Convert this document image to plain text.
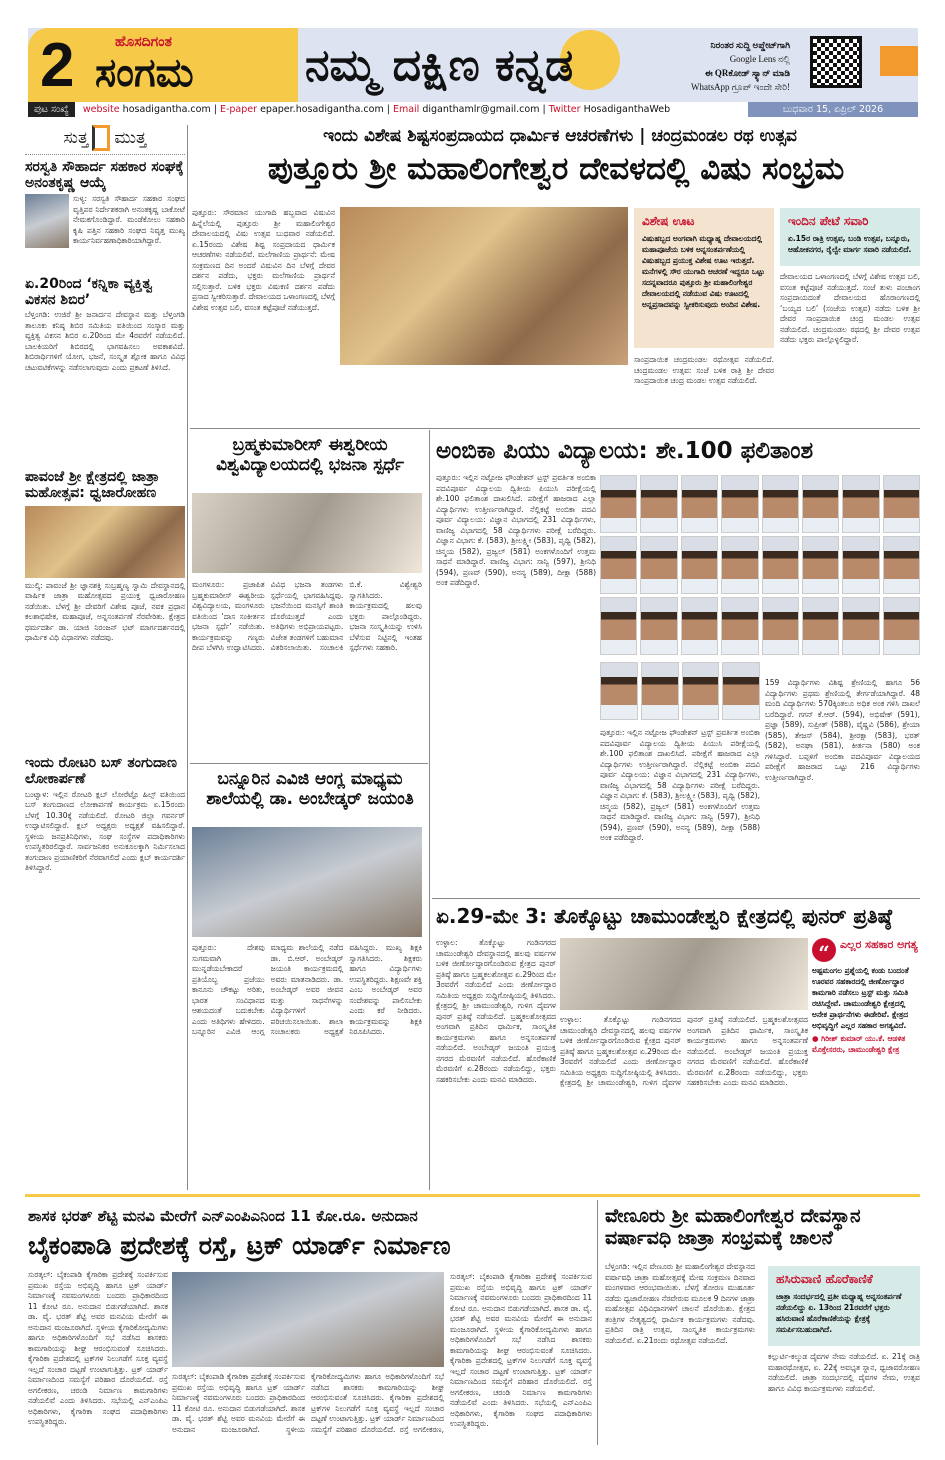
2	ಹೊಸದಿಗಂತ
ಸಂಗಮ	ನಮ್ಮ ದಕ್ಷಿಣ ಕನ್ನಡ	ನಿರಂತರ ಸುದ್ದಿ ಅಪ್ಡೇಟ್‌ಗಾಗಿ
Google Lens ನಲ್ಲಿ
ಈ QRಕೋಡ್ ಸ್ಕ್ಯಾನ್ ಮಾಡಿ
WhatsApp ಗ್ರೂಪ್ ಇಂದೇ ಸೇರಿ!
ಪುಟ ಸಂಖ್ಯೆ	website hosadigantha.com | E-paper epaper.hosadigantha.com | Email diganthamlr@gmail.com | Twitter HosadiganthaWeb	ಬುಧವಾರ 15, ಏಪ್ರಿಲ್ 2026
ಸುತ್ತ ಮುತ್ತ
ಸರಸ್ವತಿ ಸೌಹಾರ್ದ ಸಹಕಾರ ಸಂಘಕ್ಕೆ ಅನಂತಕೃಷ್ಣ ಆಯ್ಕೆ
ಸುಳ್ಯ: ಸರಸ್ವತಿ ಸೌಹಾರ್ದ ಸಹಕಾರ ಸಂಘದ ವೃತ್ತಿಪರ ನಿರ್ದೇಶಕರಾಗಿ ಅನಂತಕೃಷ್ಣ ಬಾಕೋಟೆ ನೇಮಕಗೊಂಡಿದ್ದಾರೆ. ಮಂಡೆಕೋಲು ಸಹಕಾರಿ ಕೃಷಿ ಪತ್ತಿನ ಸಹಕಾರಿ ಸಂಘದ ನಿವೃತ್ತ ಮುಖ್ಯ ಕಾರ್ಯನಿರ್ವಹಣಾಧಿಕಾರಿಯಾಗಿದ್ದಾರೆ.
ಏ.20ರಿಂದ ‘ಕನ್ನಿಕಾ ವ್ಯಕ್ತಿತ್ವ ವಿಕಸನ ಶಿಬಿರ’
ಬೆಳ್ತಂಗಡಿ: ಉಜಿರೆ ಶ್ರೀ ಜನಾರ್ದನ ದೇವಸ್ಥಾನ ಮತ್ತು ಬೆಳ್ತಂಗಡಿ ತಾಲೂಕು ಕನಿಷ್ಠ ಶಿಬಿರ ಸಮಿತಿಯ ವತಿಯಿಂದ ಸಂಸ್ಕಾರ ಮತ್ತು ವ್ಯಕ್ತಿತ್ವ ವಿಕಸನ ಶಿಬಿರ ಏ.20ರಿಂದ ಮೇ 4ರವರೆಗೆ ನಡೆಯಲಿದೆ. ಬಾಲಕಿಯರಿಗೆ ಶಿಬಿರದಲ್ಲಿ ಭಾಗವಹಿಸಲು ಅವಕಾಶವಿದೆ. ಶಿಬಿರಾರ್ಥಿಗಳಿಗೆ ಯೋಗ, ಭಜನೆ, ಸಂಸ್ಕೃತ ಶ್ಲೋಕ ಹಾಗೂ ವಿವಿಧ ಚಟುವಟಿಕೆಗಳನ್ನು ನಡೆಸಲಾಗುವುದು ಎಂದು ಪ್ರಕಟಣೆ ತಿಳಿಸಿದೆ.
ಪಾವಂಜೆ ಶ್ರೀ ಕ್ಷೇತ್ರದಲ್ಲಿ ಜಾತ್ರಾ ಮಹೋತ್ಸವ: ಧ್ವಜಾರೋಹಣ
ಮುಲ್ಕಿ: ಪಾವಂಜೆ ಶ್ರೀ ಜ್ಞಾನಶಕ್ತಿ ಸುಬ್ರಹ್ಮಣ್ಯ ಸ್ವಾಮಿ ದೇವಸ್ಥಾನದಲ್ಲಿ ವಾರ್ಷಿಕ ಜಾತ್ರಾ ಮಹೋತ್ಸವದ ಪ್ರಯುಕ್ತ ಧ್ವಜಾರೋಹಣ ನಡೆಯಿತು. ಬೆಳಗ್ಗೆ ಶ್ರೀ ದೇವರಿಗೆ ವಿಶೇಷ ಪೂಜೆ, ನವಕ ಪ್ರಧಾನ ಕಲಶಾಭಿಷೇಕ, ಮಹಾಪೂಜೆ, ಅನ್ನಸಂತರ್ಪಣೆ ನೆರವೇರಿತು. ಕ್ಷೇತ್ರದ ಧರ್ಮದರ್ಶಿ ಡಾ. ಯಾಜಿ ನಿರಂಜನ್ ಭಟ್ ಮಾರ್ಗದರ್ಶನದಲ್ಲಿ ಧಾರ್ಮಿಕ ವಿಧಿ ವಿಧಾನಗಳು ನಡೆದವು.
ಇಂದು ರೋಟರಿ ಬಸ್ ತಂಗುದಾಣ ಲೋಕಾರ್ಪಣೆ
ಬಂಟ್ವಾಳ: ಇಲ್ಲಿನ ರೋಟರಿ ಕ್ಲಬ್ ಲೋರೆಟ್ಟೊ ಹಿಲ್ಸ್ ವತಿಯಿಂದ ಬಸ್ ತಂಗುದಾಣದ ಲೋಕಾರ್ಪಣೆ ಕಾರ್ಯಕ್ರಮ ಏ.15ರಂದು ಬೆಳಗ್ಗೆ 10.30ಕ್ಕೆ ನಡೆಯಲಿದೆ. ರೋಟರಿ ಜಿಲ್ಲಾ ಗವರ್ನರ್ ಉದ್ಘಾಟಿಸಲಿದ್ದಾರೆ. ಕ್ಲಬ್ ಅಧ್ಯಕ್ಷರು ಅಧ್ಯಕ್ಷತೆ ವಹಿಸಲಿದ್ದಾರೆ. ಸ್ಥಳೀಯ ಜನಪ್ರತಿನಿಧಿಗಳು, ಸಂಘ ಸಂಸ್ಥೆಗಳ ಪದಾಧಿಕಾರಿಗಳು ಉಪಸ್ಥಿತರಿರಲಿದ್ದಾರೆ. ಸಾರ್ವಜನಿಕರ ಅನುಕೂಲಕ್ಕಾಗಿ ನಿರ್ಮಿಸಲಾದ ತಂಗುದಾಣ ಪ್ರಯಾಣಿಕರಿಗೆ ನೆರವಾಗಲಿದೆ ಎಂದು ಕ್ಲಬ್ ಕಾರ್ಯದರ್ಶಿ ತಿಳಿಸಿದ್ದಾರೆ.
ಇಂದು ವಿಶೇಷ ಶಿಷ್ಟಸಂಪ್ರದಾಯದ ಧಾರ್ಮಿಕ ಆಚರಣೆಗಳು | ಚಂದ್ರಮಂಡಲ ರಥ ಉತ್ಸವ
ಪುತ್ತೂರು ಶ್ರೀ ಮಹಾಲಿಂಗೇಶ್ವರ ದೇವಳದಲ್ಲಿ ವಿಷು ಸಂಭ್ರಮ
ಪುತ್ತೂರು: ಸೌರಮಾನ ಯುಗಾದಿ ಹಬ್ಬವಾದ ವಿಷುವಿನ ಹಿನ್ನೆಲೆಯಲ್ಲಿ ಪುತ್ತೂರು ಶ್ರೀ ಮಹಾಲಿಂಗೇಶ್ವರ ದೇವಾಲಯದಲ್ಲಿ ವಿಷು ಉತ್ಸವ ಬುಧವಾರ ನಡೆಯಲಿದೆ. ಏ.15ರಂದು ವಿಶೇಷ ಶಿಷ್ಟ ಸಂಪ್ರದಾಯದ ಧಾರ್ಮಿಕ ಆಚರಣೆಗಳು ನಡೆಯಲಿವೆ. ಮಲೆಗಾಣಿಯ ಪ್ರಾರ್ಥನೆ: ಮೇಷ ಸಂಕ್ರಮಣದ ದಿನ ಅಂದರೆ ವಿಷುವಿನ ದಿನ ಬೆಳಗ್ಗೆ ದೇವರ ದರ್ಶನ ಪಡೆದು, ಭಕ್ತರು ಮಲೆಗಾಣಿಯ ಪ್ರಾರ್ಥನೆ ಸಲ್ಲಿಸುತ್ತಾರೆ. ಬಳಿಕ ಭಕ್ತರು ವಿಷುಕಣಿ ದರ್ಶನ ಪಡೆದು ಪ್ರಸಾದ ಸ್ವೀಕರಿಸುತ್ತಾರೆ. ದೇವಾಲಯದ ಒಳಾಂಗಣದಲ್ಲಿ ಬೆಳಗ್ಗೆ ವಿಶೇಷ ಉತ್ಸವ ಬಲಿ, ವಸಂತ ಕಟ್ಟೆಪೂಜೆ ನಡೆಯುತ್ತದೆ.
ಸಾಂಪ್ರದಾಯಿಕ ಚಂದ್ರಮಂಡಲ ರಥೋತ್ಸವ ನಡೆಯಲಿದೆ. ಚಂದ್ರಮಂಡಲ ಉತ್ಸವ: ಸಂಜೆ ಬಳಿಕ ರಾತ್ರಿ ಶ್ರೀ ದೇವರ ಸಾಂಪ್ರದಾಯಿಕ ಚಂದ್ರ ಮಂಡಲ ಉತ್ಸವ ನಡೆಯಲಿದೆ.
ವಿಶೇಷ ಊಟ

ವಿಷುಹಬ್ಬದ ಅಂಗವಾಗಿ ಮಧ್ಯಾಹ್ನ ದೇವಾಲಯದಲ್ಲಿ ಮಹಾಪೂಜೆಯ ಬಳಿಕ ಅನ್ನಸಂತರ್ಪಣೆಯಲ್ಲಿ ವಿಷುಹಬ್ಬದ ಪ್ರಯುಕ್ತ ವಿಶೇಷ ಊಟ ಇರುತ್ತದೆ. ಮನೆಗಳಲ್ಲಿ ಸೌರ ಯುಗಾದಿ ಆಚರಣೆ ಇದ್ದರೂ ಒಟ್ಟು ಸದನ್ನವಾದರೂ ಪುತ್ತೂರು ಶ್ರೀ ಮಹಾಲಿಂಗೇಶ್ವರ ದೇವಾಲಯದಲ್ಲಿ ನಡೆಯುವ ವಿಷು ಊಟದಲ್ಲಿ ಅನ್ನಪ್ರಸಾದವನ್ನು ಸ್ವೀಕರಿಸುವುದು ಅಂದಿನ ವಿಶೇಷ.

ಇಂದಿನ ಪೇಟೆ ಸವಾರಿ

ಏ.15ರ ರಾತ್ರಿ ಉತ್ಸವ, ಬಂಡಿ ಉತ್ಸವ, ಬನ್ನೂರು, ಆಹೋಕನಗರ, ರೈಲ್ವೇ ಮಾರ್ಗ ಸವಾರಿ ನಡೆಯಲಿದೆ.

ದೇವಾಲಯದ ಒಳಾಂಗಣದಲ್ಲಿ ಬೆಳಗ್ಗೆ ವಿಶೇಷ ಉತ್ಸವ ಬಲಿ, ವಸಂತ ಕಟ್ಟೆಪೂಜೆ ನಡೆಯುತ್ತದೆ. ಸಂಜೆ ತುಳು ಪಂಚಾಂಗ ಸಂಪ್ರದಾಯದಂತೆ ದೇವಾಲಯದ ಹೊರಾಂಗಣದಲ್ಲಿ ‘ಬಯ್ಯದ ಬಲಿ’ (ಸಂಜೆಯ ಉತ್ಸವ) ನಡೆದು ಬಳಿಕ ಶ್ರೀ ದೇವರ ಸಾಂಪ್ರದಾಯಿಕ ಚಂದ್ರ ಮಂಡಲ ಉತ್ಸವ ನಡೆಯಲಿದೆ. ಚಂದ್ರಮಂಡಲ ರಥದಲ್ಲಿ ಶ್ರೀ ದೇವರ ಉತ್ಸವ ನಡೆದು ಭಕ್ತರು ಪಾಲ್ಗೊಳ್ಳಲಿದ್ದಾರೆ.
ಬ್ರಹ್ಮಕುಮಾರೀಸ್ ಈಶ್ವರೀಯ ವಿಶ್ವವಿದ್ಯಾಲಯದಲ್ಲಿ ಭಜನಾ ಸ್ಪರ್ಧೆ
ಮಂಗಳೂರು: ಪ್ರಜಾಪಿತ ಬ್ರಹ್ಮಕುಮಾರೀಸ್ ಈಶ್ವರೀಯ ವಿಶ್ವವಿದ್ಯಾಲಯ, ಮಂಗಳೂರು ವತಿಯಿಂದ ‘ದಾಸ ಸಂಕೀರ್ತನ ಭಜನಾ ಸ್ಪರ್ಧೆ’ ನಡೆಯಿತು. ಕಾರ್ಯಕ್ರಮವನ್ನು ಗಣ್ಯರು ದೀಪ ಬೆಳಗಿಸಿ ಉದ್ಘಾಟಿಸಿದರು. ವಿವಿಧ ಭಜನಾ ತಂಡಗಳು ಸ್ಪರ್ಧೆಯಲ್ಲಿ ಭಾಗವಹಿಸಿದ್ದವು. ಭಜನೆಯಿಂದ ಮನಸ್ಸಿಗೆ ಶಾಂತಿ ದೊರೆಯುತ್ತದೆ ಎಂದು ಅತಿಥಿಗಳು ಅಭಿಪ್ರಾಯಪಟ್ಟರು. ವಿಜೇತ ತಂಡಗಳಿಗೆ ಬಹುಮಾನ ವಿತರಿಸಲಾಯಿತು. ಸಂಚಾಲಕಿ ಬಿ.ಕೆ. ವಿಶ್ವೇಶ್ವರಿ ಸ್ವಾಗತಿಸಿದರು. ಕಾರ್ಯಕ್ರಮದಲ್ಲಿ ಹಲವು ಭಕ್ತರು ಪಾಲ್ಗೊಂಡಿದ್ದರು. ಭಜನಾ ಸಂಸ್ಕೃತಿಯನ್ನು ಉಳಿಸಿ ಬೆಳೆಸುವ ನಿಟ್ಟಿನಲ್ಲಿ ಇಂತಹ ಸ್ಪರ್ಧೆಗಳು ಸಹಕಾರಿ.
ಅಂಬಿಕಾ ಪಿಯು ವಿದ್ಯಾಲಯ: ಶೇ.100 ಫಲಿತಾಂಶ
ಪುತ್ತೂರು: ಇಲ್ಲಿನ ನಟ್ಟೋಜ ಫೌಂಡೇಶನ್ ಟ್ರಸ್ಟ್ ಪ್ರವರ್ತಿತ ಅಂಬಿಕಾ ಪದವಿಪೂರ್ವ ವಿದ್ಯಾಲಯ ದ್ವಿತೀಯ ಪಿಯುಸಿ ಪರೀಕ್ಷೆಯಲ್ಲಿ ಶೇ.100 ಫಲಿತಾಂಶ ದಾಖಲಿಸಿದೆ. ಪರೀಕ್ಷೆಗೆ ಹಾಜರಾದ ಎಲ್ಲಾ ವಿದ್ಯಾರ್ಥಿಗಳು ಉತ್ತೀರ್ಣರಾಗಿದ್ದಾರೆ. ನೆಲ್ಲಿಕಟ್ಟೆ ಅಂಬಿಕಾ ಪದವಿ ಪೂರ್ವ ವಿದ್ಯಾಲಯ: ವಿಜ್ಞಾನ ವಿಭಾಗದಲ್ಲಿ 231 ವಿದ್ಯಾರ್ಥಿಗಳು, ವಾಣಿಜ್ಯ ವಿಭಾಗದಲ್ಲಿ 58 ವಿದ್ಯಾರ್ಥಿಗಳು ಪರೀಕ್ಷೆ ಬರೆದಿದ್ದರು. ವಿಜ್ಞಾನ ವಿಭಾಗ: ಕೆ. (583), ಶ್ರೀಲಕ್ಷ್ಮೀ (583), ಪೃಥ್ವಿ (582), ಚಿನ್ಮಯ (582), ಪ್ರಜ್ವಲ್ (581) ಅಂಕಗಳೊಂದಿಗೆ ಉತ್ತಮ ಸಾಧನೆ ಮಾಡಿದ್ದಾರೆ. ವಾಣಿಜ್ಯ ವಿಭಾಗ: ಸಾನ್ವಿ (597), ಶ್ರೀನಿಧಿ (594), ಪ್ರಣವ್ (590), ಅನನ್ಯ (589), ದೀಕ್ಷಾ (588) ಅಂಕ ಪಡೆದಿದ್ದಾರೆ.
159 ವಿದ್ಯಾರ್ಥಿಗಳು ವಿಶಿಷ್ಟ ಶ್ರೇಣಿಯಲ್ಲಿ ಹಾಗೂ 56 ವಿದ್ಯಾರ್ಥಿಗಳು ಪ್ರಥಮ ಶ್ರೇಣಿಯಲ್ಲಿ ತೇರ್ಗಡೆಯಾಗಿದ್ದಾರೆ. 48 ಮಂದಿ ವಿದ್ಯಾರ್ಥಿಗಳು 570ಕ್ಕಿಂತಲೂ ಅಧಿಕ ಅಂಕ ಗಳಿಸಿ ದಾಖಲೆ ಬರೆದಿದ್ದಾರೆ. ಗಗನ್ ಕೆ.ಆರ್. (594), ಅಭಿಷೇಕ್ (591), ಪ್ರಜ್ಞಾ (589), ಸುಪ್ರೀತ್ (588), ವೈಷ್ಣವಿ (586), ಶ್ರೇಯಾ (585), ತೇಜಸ್ (584), ಶ್ರೀರಕ್ಷಾ (583), ಭರತ್ (582), ಅನಘಾ (581), ಕೀರ್ತನಾ (580) ಅಂಕ ಗಳಿಸಿದ್ದಾರೆ. ಬಪ್ಪಳಿಗೆ ಅಂಬಿಕಾ ಪದವಿಪೂರ್ವ ವಿದ್ಯಾಲಯದ ಪರೀಕ್ಷೆಗೆ ಹಾಜರಾದ ಒಟ್ಟು 216 ವಿದ್ಯಾರ್ಥಿಗಳು ಉತ್ತೀರ್ಣರಾಗಿದ್ದಾರೆ.
ಪುತ್ತೂರು: ಇಲ್ಲಿನ ನಟ್ಟೋಜ ಫೌಂಡೇಶನ್ ಟ್ರಸ್ಟ್ ಪ್ರವರ್ತಿತ ಅಂಬಿಕಾ ಪದವಿಪೂರ್ವ ವಿದ್ಯಾಲಯ ದ್ವಿತೀಯ ಪಿಯುಸಿ ಪರೀಕ್ಷೆಯಲ್ಲಿ ಶೇ.100 ಫಲಿತಾಂಶ ದಾಖಲಿಸಿದೆ. ಪರೀಕ್ಷೆಗೆ ಹಾಜರಾದ ಎಲ್ಲಾ ವಿದ್ಯಾರ್ಥಿಗಳು ಉತ್ತೀರ್ಣರಾಗಿದ್ದಾರೆ. ನೆಲ್ಲಿಕಟ್ಟೆ ಅಂಬಿಕಾ ಪದವಿ ಪೂರ್ವ ವಿದ್ಯಾಲಯ: ವಿಜ್ಞಾನ ವಿಭಾಗದಲ್ಲಿ 231 ವಿದ್ಯಾರ್ಥಿಗಳು, ವಾಣಿಜ್ಯ ವಿಭಾಗದಲ್ಲಿ 58 ವಿದ್ಯಾರ್ಥಿಗಳು ಪರೀಕ್ಷೆ ಬರೆದಿದ್ದರು. ವಿಜ್ಞಾನ ವಿಭಾಗ: ಕೆ. (583), ಶ್ರೀಲಕ್ಷ್ಮೀ (583), ಪೃಥ್ವಿ (582), ಚಿನ್ಮಯ (582), ಪ್ರಜ್ವಲ್ (581) ಅಂಕಗಳೊಂದಿಗೆ ಉತ್ತಮ ಸಾಧನೆ ಮಾಡಿದ್ದಾರೆ. ವಾಣಿಜ್ಯ ವಿಭಾಗ: ಸಾನ್ವಿ (597), ಶ್ರೀನಿಧಿ (594), ಪ್ರಣವ್ (590), ಅನನ್ಯ (589), ದೀಕ್ಷಾ (588) ಅಂಕ ಪಡೆದಿದ್ದಾರೆ.
ಬನ್ನೂರಿನ ಎವಿಜಿ ಆಂಗ್ಲ ಮಾಧ್ಯಮ ಶಾಲೆಯಲ್ಲಿ ಡಾ. ಅಂಬೇಡ್ಕರ್ ಜಯಂತಿ
ಪುತ್ತೂರು: ದೇಶವು ಸುಗಮವಾಗಿ ಮುನ್ನಡೆಯಬೇಕಾದರೆ ಪ್ರತಿಯೊಬ್ಬ ಪ್ರಜೆಯು ಕಾನೂನು ಚೌಕಟ್ಟು ಅರಿತು, ಭಾರತ ಸಂವಿಧಾನದ ಆಶಯದಂತೆ ಬದುಕಬೇಕು ಎಂದು ಅತಿಥಿಗಳು ಹೇಳಿದರು. ಬನ್ನೂರಿನ ಎವಿಜಿ ಆಂಗ್ಲ ಮಾಧ್ಯಮ ಶಾಲೆಯಲ್ಲಿ ನಡೆದ ಡಾ. ಬಿ.ಆರ್. ಅಂಬೇಡ್ಕರ್ ಜಯಂತಿ ಕಾರ್ಯಕ್ರಮದಲ್ಲಿ ಅವರು ಮಾತನಾಡಿದರು. ಡಾ. ಅಂಬೇಡ್ಕರ್ ಅವರ ಜೀವನ ಮತ್ತು ಸಾಧನೆಗಳನ್ನು ವಿದ್ಯಾರ್ಥಿಗಳಿಗೆ ಪರಿಚಯಿಸಲಾಯಿತು. ಶಾಲಾ ಸಂಚಾಲಕರು ಅಧ್ಯಕ್ಷತೆ ವಹಿಸಿದ್ದರು. ಮುಖ್ಯ ಶಿಕ್ಷಕಿ ಸ್ವಾಗತಿಸಿದರು. ಶಿಕ್ಷಕರು ಹಾಗೂ ವಿದ್ಯಾರ್ಥಿಗಳು ಉಪಸ್ಥಿತರಿದ್ದರು. ಶಿಕ್ಷಣವೇ ಶಕ್ತಿ ಎಂಬ ಅಂಬೇಡ್ಕರ್ ಅವರ ಸಂದೇಶವನ್ನು ಪಾಲಿಸಬೇಕು ಎಂದು ಕರೆ ನೀಡಿದರು. ಕಾರ್ಯಕ್ರಮವನ್ನು ಶಿಕ್ಷಕಿ ನಿರೂಪಿಸಿದರು.
ಏ.29-ಮೇ 3: ತೊಕ್ಕೊಟ್ಟು ಚಾಮುಂಡೇಶ್ವರಿ ಕ್ಷೇತ್ರದಲ್ಲಿ ಪುನರ್ ಪ್ರತಿಷ್ಠೆ
ಉಳ್ಳಾಲ: ತೊಕ್ಕೊಟ್ಟು ಗಂಡಿನಗರದ ಚಾಮುಂಡೇಶ್ವರಿ ದೇವಸ್ಥಾನದಲ್ಲಿ ಹಲವು ವರ್ಷಗಳ ಬಳಿಕ ಜೀರ್ಣೋದ್ಧಾರಗೊಂಡಿರುವ ಕ್ಷೇತ್ರದ ಪುನರ್ ಪ್ರತಿಷ್ಠೆ ಹಾಗೂ ಬ್ರಹ್ಮಕಲಶೋತ್ಸವ ಏ.29ರಿಂದ ಮೇ 3ರವರೆಗೆ ನಡೆಯಲಿದೆ ಎಂದು ಜೀರ್ಣೋದ್ಧಾರ ಸಮಿತಿಯ ಅಧ್ಯಕ್ಷರು ಸುದ್ದಿಗೋಷ್ಠಿಯಲ್ಲಿ ತಿಳಿಸಿದರು. ಕ್ಷೇತ್ರದಲ್ಲಿ ಶ್ರೀ ಚಾಮುಂಡೇಶ್ವರಿ, ಗುಳಿಗ ದೈವಗಳ ಪುನರ್ ಪ್ರತಿಷ್ಠೆ ನಡೆಯಲಿದೆ. ಬ್ರಹ್ಮಕಲಶೋತ್ಸವದ ಅಂಗವಾಗಿ ಪ್ರತಿದಿನ ಧಾರ್ಮಿಕ, ಸಾಂಸ್ಕೃತಿಕ ಕಾರ್ಯಕ್ರಮಗಳು ಹಾಗೂ ಅನ್ನಸಂತರ್ಪಣೆ ನಡೆಯಲಿದೆ. ಅಂಬೇಡ್ಕರ್ ಜಯಂತಿ ಪ್ರಯುಕ್ತ ನಗರದ ಮೆರವಣಿಗೆ ನಡೆಯಲಿದೆ. ಹೊರೆಕಾಣಿಕೆ ಮೆರವಣಿಗೆ ಏ.28ರಂದು ನಡೆಯಲಿದ್ದು, ಭಕ್ತರು ಸಹಕರಿಸಬೇಕು ಎಂದು ಮನವಿ ಮಾಡಿದರು.
ಉಳ್ಳಾಲ: ತೊಕ್ಕೊಟ್ಟು ಗಂಡಿನಗರದ ಚಾಮುಂಡೇಶ್ವರಿ ದೇವಸ್ಥಾನದಲ್ಲಿ ಹಲವು ವರ್ಷಗಳ ಬಳಿಕ ಜೀರ್ಣೋದ್ಧಾರಗೊಂಡಿರುವ ಕ್ಷೇತ್ರದ ಪುನರ್ ಪ್ರತಿಷ್ಠೆ ಹಾಗೂ ಬ್ರಹ್ಮಕಲಶೋತ್ಸವ ಏ.29ರಿಂದ ಮೇ 3ರವರೆಗೆ ನಡೆಯಲಿದೆ ಎಂದು ಜೀರ್ಣೋದ್ಧಾರ ಸಮಿತಿಯ ಅಧ್ಯಕ್ಷರು ಸುದ್ದಿಗೋಷ್ಠಿಯಲ್ಲಿ ತಿಳಿಸಿದರು. ಕ್ಷೇತ್ರದಲ್ಲಿ ಶ್ರೀ ಚಾಮುಂಡೇಶ್ವರಿ, ಗುಳಿಗ ದೈವಗಳ ಪುನರ್ ಪ್ರತಿಷ್ಠೆ ನಡೆಯಲಿದೆ. ಬ್ರಹ್ಮಕಲಶೋತ್ಸವದ ಅಂಗವಾಗಿ ಪ್ರತಿದಿನ ಧಾರ್ಮಿಕ, ಸಾಂಸ್ಕೃತಿಕ ಕಾರ್ಯಕ್ರಮಗಳು ಹಾಗೂ ಅನ್ನಸಂತರ್ಪಣೆ ನಡೆಯಲಿದೆ. ಅಂಬೇಡ್ಕರ್ ಜಯಂತಿ ಪ್ರಯುಕ್ತ ನಗರದ ಮೆರವಣಿಗೆ ನಡೆಯಲಿದೆ. ಹೊರೆಕಾಣಿಕೆ ಮೆರವಣಿಗೆ ಏ.28ರಂದು ನಡೆಯಲಿದ್ದು, ಭಕ್ತರು ಸಹಕರಿಸಬೇಕು ಎಂದು ಮನವಿ ಮಾಡಿದರು.
“ ಎಲ್ಲರ ಸಹಕಾರ ಅಗತ್ಯ
ಅಷ್ಟಮಂಗಲ ಪ್ರಶ್ನೆಯಲ್ಲಿ ಕಂಡು ಬಂದಂತೆ ಊರವರ ಸಹಕಾರದಲ್ಲಿ ಜೀರ್ಣೋದ್ಧಾರ ಕಾಮಗಾರಿ ನಡೆಸಲು ಟ್ರಸ್ಟ್ ಮತ್ತು ಸಮಿತಿ ರಚಿಸಿದ್ದೇವೆ. ಚಾಮುಂಡೇಶ್ವರಿ ಕ್ಷೇತ್ರದಲ್ಲಿ ಅನೇಕ ಪ್ರಾರ್ಥನೆಗಳು ಈಡೇರಿವೆ. ಕ್ಷೇತ್ರದ ಅಭಿವೃದ್ಧಿಗೆ ಎಲ್ಲರ ಸಹಕಾರ ಅಗತ್ಯವಿದೆ.
● ಗಿರೀಶ್ ಕುಮಾರ್ ಯು.ಕೆ. ಆಡಳಿತ ಮೊಕ್ತೇಸರರು, ಚಾಮುಂಡೇಶ್ವರಿ ಕ್ಷೇತ್ರ
ಶಾಸಕ ಭರತ್ ಶೆಟ್ಟಿ ಮನವಿ ಮೇರೆಗೆ ಎನ್‌ಎಂಪಿಎನಿಂದ 11 ಕೋ.ರೂ. ಅನುದಾನ
ಬೈಕಂಪಾಡಿ ಪ್ರದೇಶಕ್ಕೆ ರಸ್ತೆ, ಟ್ರಕ್ ಯಾರ್ಡ್ ನಿರ್ಮಾಣ
ಸುರತ್ಕಲ್: ಬೈಕಂಪಾಡಿ ಕೈಗಾರಿಕಾ ಪ್ರದೇಶಕ್ಕೆ ಸಂಪರ್ಕಿಸುವ ಪ್ರಮುಖ ರಸ್ತೆಯ ಅಭಿವೃದ್ಧಿ ಹಾಗೂ ಟ್ರಕ್ ಯಾರ್ಡ್ ನಿರ್ಮಾಣಕ್ಕೆ ನವಮಂಗಳೂರು ಬಂದರು ಪ್ರಾಧಿಕಾರದಿಂದ 11 ಕೋಟಿ ರೂ. ಅನುದಾನ ಬಿಡುಗಡೆಯಾಗಿದೆ. ಶಾಸಕ ಡಾ. ವೈ. ಭರತ್ ಶೆಟ್ಟಿ ಅವರ ಮನವಿಯ ಮೇರೆಗೆ ಈ ಅನುದಾನ ಮಂಜೂರಾಗಿದೆ. ಸ್ಥಳೀಯ ಕೈಗಾರಿಕೋದ್ಯಮಿಗಳು ಹಾಗೂ ಅಧಿಕಾರಿಗಳೊಂದಿಗೆ ಸಭೆ ನಡೆಸಿದ ಶಾಸಕರು ಕಾಮಗಾರಿಯನ್ನು ಶೀಘ್ರ ಆರಂಭಿಸುವಂತೆ ಸೂಚಿಸಿದರು. ಕೈಗಾರಿಕಾ ಪ್ರದೇಶದಲ್ಲಿ ಟ್ರಕ್‌ಗಳ ನಿಲುಗಡೆಗೆ ಸೂಕ್ತ ವ್ಯವಸ್ಥೆ ಇಲ್ಲದೆ ಸಂಚಾರ ದಟ್ಟಣೆ ಉಂಟಾಗುತ್ತಿತ್ತು. ಟ್ರಕ್ ಯಾರ್ಡ್ ನಿರ್ಮಾಣದಿಂದ ಸಮಸ್ಯೆಗೆ ಪರಿಹಾರ ದೊರೆಯಲಿದೆ. ರಸ್ತೆ ಅಗಲೀಕರಣ, ಚರಂಡಿ ನಿರ್ಮಾಣ ಕಾಮಗಾರಿಗಳು ನಡೆಯಲಿವೆ ಎಂದು ತಿಳಿಸಿದರು. ಸಭೆಯಲ್ಲಿ ಎನ್‌ಎಂಪಿಎ ಅಧಿಕಾರಿಗಳು, ಕೈಗಾರಿಕಾ ಸಂಘದ ಪದಾಧಿಕಾರಿಗಳು ಉಪಸ್ಥಿತರಿದ್ದರು.
ಸುರತ್ಕಲ್: ಬೈಕಂಪಾಡಿ ಕೈಗಾರಿಕಾ ಪ್ರದೇಶಕ್ಕೆ ಸಂಪರ್ಕಿಸುವ ಪ್ರಮುಖ ರಸ್ತೆಯ ಅಭಿವೃದ್ಧಿ ಹಾಗೂ ಟ್ರಕ್ ಯಾರ್ಡ್ ನಿರ್ಮಾಣಕ್ಕೆ ನವಮಂಗಳೂರು ಬಂದರು ಪ್ರಾಧಿಕಾರದಿಂದ 11 ಕೋಟಿ ರೂ. ಅನುದಾನ ಬಿಡುಗಡೆಯಾಗಿದೆ. ಶಾಸಕ ಡಾ. ವೈ. ಭರತ್ ಶೆಟ್ಟಿ ಅವರ ಮನವಿಯ ಮೇರೆಗೆ ಈ ಅನುದಾನ ಮಂಜೂರಾಗಿದೆ. ಸ್ಥಳೀಯ ಕೈಗಾರಿಕೋದ್ಯಮಿಗಳು ಹಾಗೂ ಅಧಿಕಾರಿಗಳೊಂದಿಗೆ ಸಭೆ ನಡೆಸಿದ ಶಾಸಕರು ಕಾಮಗಾರಿಯನ್ನು ಶೀಘ್ರ ಆರಂಭಿಸುವಂತೆ ಸೂಚಿಸಿದರು. ಕೈಗಾರಿಕಾ ಪ್ರದೇಶದಲ್ಲಿ ಟ್ರಕ್‌ಗಳ ನಿಲುಗಡೆಗೆ ಸೂಕ್ತ ವ್ಯವಸ್ಥೆ ಇಲ್ಲದೆ ಸಂಚಾರ ದಟ್ಟಣೆ ಉಂಟಾಗುತ್ತಿತ್ತು. ಟ್ರಕ್ ಯಾರ್ಡ್ ನಿರ್ಮಾಣದಿಂದ ಸಮಸ್ಯೆಗೆ ಪರಿಹಾರ ದೊರೆಯಲಿದೆ. ರಸ್ತೆ ಅಗಲೀಕರಣ,
ಸುರತ್ಕಲ್: ಬೈಕಂಪಾಡಿ ಕೈಗಾರಿಕಾ ಪ್ರದೇಶಕ್ಕೆ ಸಂಪರ್ಕಿಸುವ ಪ್ರಮುಖ ರಸ್ತೆಯ ಅಭಿವೃದ್ಧಿ ಹಾಗೂ ಟ್ರಕ್ ಯಾರ್ಡ್ ನಿರ್ಮಾಣಕ್ಕೆ ನವಮಂಗಳೂರು ಬಂದರು ಪ್ರಾಧಿಕಾರದಿಂದ 11 ಕೋಟಿ ರೂ. ಅನುದಾನ ಬಿಡುಗಡೆಯಾಗಿದೆ. ಶಾಸಕ ಡಾ. ವೈ. ಭರತ್ ಶೆಟ್ಟಿ ಅವರ ಮನವಿಯ ಮೇರೆಗೆ ಈ ಅನುದಾನ ಮಂಜೂರಾಗಿದೆ. ಸ್ಥಳೀಯ ಕೈಗಾರಿಕೋದ್ಯಮಿಗಳು ಹಾಗೂ ಅಧಿಕಾರಿಗಳೊಂದಿಗೆ ಸಭೆ ನಡೆಸಿದ ಶಾಸಕರು ಕಾಮಗಾರಿಯನ್ನು ಶೀಘ್ರ ಆರಂಭಿಸುವಂತೆ ಸೂಚಿಸಿದರು. ಕೈಗಾರಿಕಾ ಪ್ರದೇಶದಲ್ಲಿ ಟ್ರಕ್‌ಗಳ ನಿಲುಗಡೆಗೆ ಸೂಕ್ತ ವ್ಯವಸ್ಥೆ ಇಲ್ಲದೆ ಸಂಚಾರ ದಟ್ಟಣೆ ಉಂಟಾಗುತ್ತಿತ್ತು. ಟ್ರಕ್ ಯಾರ್ಡ್ ನಿರ್ಮಾಣದಿಂದ ಸಮಸ್ಯೆಗೆ ಪರಿಹಾರ ದೊರೆಯಲಿದೆ. ರಸ್ತೆ ಅಗಲೀಕರಣ, ಚರಂಡಿ ನಿರ್ಮಾಣ ಕಾಮಗಾರಿಗಳು ನಡೆಯಲಿವೆ ಎಂದು ತಿಳಿಸಿದರು. ಸಭೆಯಲ್ಲಿ ಎನ್‌ಎಂಪಿಎ ಅಧಿಕಾರಿಗಳು, ಕೈಗಾರಿಕಾ ಸಂಘದ ಪದಾಧಿಕಾರಿಗಳು ಉಪಸ್ಥಿತರಿದ್ದರು.
ವೇಣೂರು ಶ್ರೀ ಮಹಾಲಿಂಗೇಶ್ವರ ದೇವಸ್ಥಾನ ವರ್ಷಾವಧಿ ಜಾತ್ರಾ ಸಂಭ್ರಮಕ್ಕೆ ಚಾಲನೆ
ಬೆಳ್ತಂಗಡಿ: ಇಲ್ಲಿನ ವೇಣೂರು ಶ್ರೀ ಮಹಾಲಿಂಗೇಶ್ವರ ದೇವಸ್ಥಾನದ ವರ್ಷಾವಧಿ ಜಾತ್ರಾ ಮಹೋತ್ಸವಕ್ಕೆ ಮೇಷ ಸಂಕ್ರಮಣ ದಿನವಾದ ಮಂಗಳವಾರ ಆರಂಭವಾಯಿತು. ಬೆಳಗ್ಗೆ ತೋರಣ ಮುಹೂರ್ತ ನಡೆದು ಧ್ವಜಾರೋಹಣ ನೆರವೇರುವ ಮೂಲಕ 9 ದಿನಗಳ ಜಾತ್ರಾ ಮಹೋತ್ಸವ ವಿಧಿವಿಧಾನಗಳಿಗೆ ಚಾಲನೆ ದೊರೆಯಿತು. ಕ್ಷೇತ್ರದ ತಂತ್ರಿಗಳ ನೇತೃತ್ವದಲ್ಲಿ ಧಾರ್ಮಿಕ ಕಾರ್ಯಕ್ರಮಗಳು ನಡೆದವು. ಪ್ರತಿದಿನ ರಾತ್ರಿ ಉತ್ಸವ, ಸಾಂಸ್ಕೃತಿಕ ಕಾರ್ಯಕ್ರಮಗಳು ನಡೆಯಲಿವೆ. ಏ.21ರಂದು ರಥೋತ್ಸವ ನಡೆಯಲಿದೆ.
ಹಸಿರುವಾಣಿ ಹೊರೆಕಾಣಿಕೆ

ಜಾತ್ರಾ ಸಂದರ್ಭದಲ್ಲಿ ಪ್ರತೀ ಮಧ್ಯಾಹ್ನ ಅನ್ನಸಂತರ್ಪಣೆ ನಡೆಯಲಿದ್ದು ಏ. 13ರಿಂದ 21ರವರೆಗೆ ಭಕ್ತರು ಹಸಿರುವಾಣಿ ಹೊರೆಕಾಣಿಕೆಯನ್ನು ಕ್ಷೇತ್ರಕ್ಕೆ ಸಮರ್ಪಿಸಬಹುದಾಗಿದೆ.

ಕಲ್ಲುರ್ಟಿ-ಕಲ್ಕುಡ ದೈವಗಳ ನೇಮ ನಡೆಯಲಿದೆ. ಏ. 21ಕ್ಕೆ ರಾತ್ರಿ ಮಹಾರಥೋತ್ಸವ, ಏ. 22ಕ್ಕೆ ಅವಭೃತ ಸ್ನಾನ, ಧ್ವಜಾವರೋಹಣ ನಡೆಯಲಿದೆ. ಜಾತ್ರಾ ಸಂದರ್ಭದಲ್ಲಿ ದೈವಗಳ ನೇಮ, ಉತ್ಸವ ಹಾಗೂ ವಿವಿಧ ಕಾರ್ಯಕ್ರಮಗಳು ನಡೆಯಲಿವೆ.
